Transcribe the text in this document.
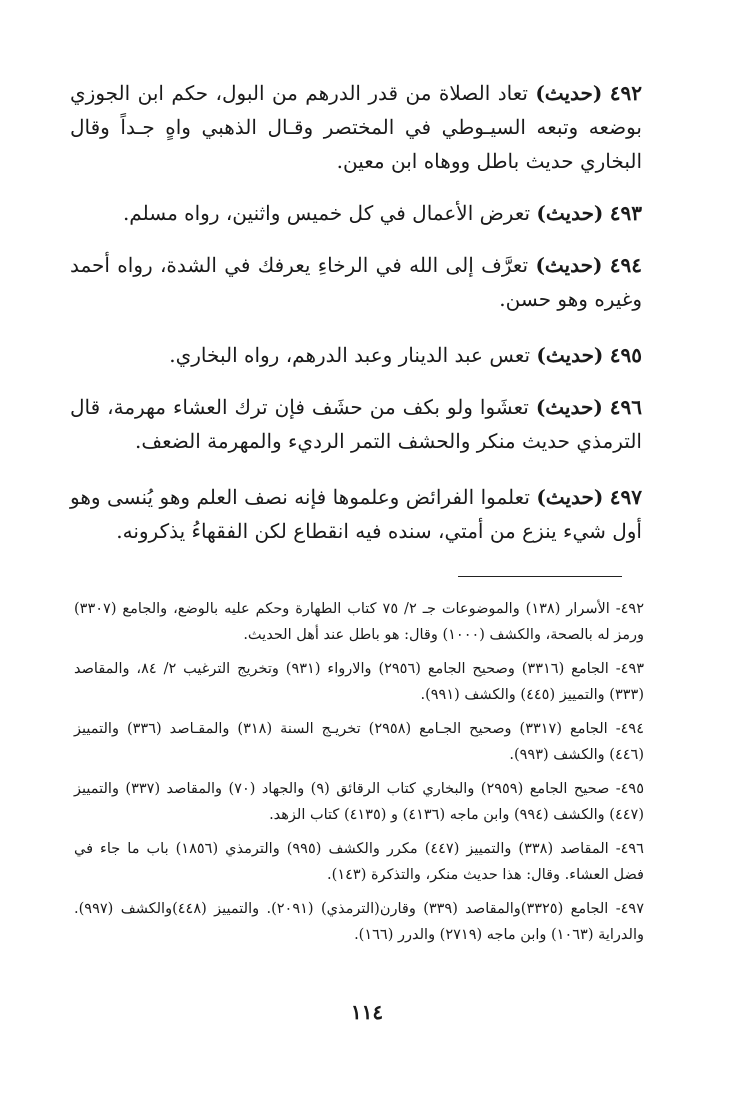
٤٩٢ (حديث) تعاد الصلاة من قدر الدرهم من البول، حكم ابن الجوزي بوضعه وتبعه السيـوطي في المختصر وقـال الذهبي واهٍ جـداً وقال البخاري حديث باطل ووهاه ابن معين.

٤٩٣ (حديث) تعرض الأعمال في كل خميس واثنين، رواه مسلم.

٤٩٤ (حديث) تعرَّف إلى الله في الرخاءِ يعرفك في الشدة، رواه أحمد وغيره وهو حسن.

٤٩٥ (حديث) تعس عبد الدينار وعبد الدرهم، رواه البخاري.

٤٩٦ (حديث) تعشَوا ولو بكف من حشَف فإن ترك العشاء مهرمة، قال الترمذي حديث منكر والحشف التمر الرديء والمهرمة الضعف.

٤٩٧ (حديث) تعلموا الفرائض وعلموها فإنه نصف العلم وهو يُنسى وهو أول شيء ينزع من أمتي، سنده فيه انقطاع لكن الفقهاءُ يذكرونه.

٤٩٢- الأسرار (١٣٨) والموضوعات جـ ٢/ ٧٥ كتاب الطهارة وحكم عليه بالوضع، والجامع (٣٣٠٧) ورمز له بالصحة، والكشف (١٠٠٠) وقال: هو باطل عند أهل الحديث.

٤٩٣- الجامع (٣٣١٦) وصحيح الجامع (٢٩٥٦) والارواء (٩٣١) وتخريج الترغيب ٢/ ٨٤، والمقاصد (٣٣٣) والتمييز (٤٤٥) والكشف (٩٩١).

٤٩٤- الجامع (٣٣١٧) وصحيح الجـامع (٢٩٥٨) تخريـج السنة (٣١٨) والمقـاصد (٣٣٦) والتمييز (٤٤٦) والكشف (٩٩٣).

٤٩٥- صحيح الجامع (٢٩٥٩) والبخاري كتاب الرقائق (٩) والجهاد (٧٠) والمقاصد (٣٣٧) والتمييز (٤٤٧) والكشف (٩٩٤) وابن ماجه (٤١٣٦) و (٤١٣٥) كتاب الزهد.

٤٩٦- المقاصد (٣٣٨) والتمييز (٤٤٧) مكرر والكشف (٩٩٥) والترمذي (١٨٥٦) باب ما جاء في فضل العشاء. وقال: هذا حديث منكر، والتذكرة (١٤٣).

٤٩٧- الجامع (٣٣٢٥)والمقاصد (٣٣٩) وقارن(الترمذي) (٢٠٩١). والتمييز (٤٤٨)والكشف (٩٩٧). والدراية (١٠٦٣) وابن ماجه (٢٧١٩) والدرر (١٦٦).

١١٤
